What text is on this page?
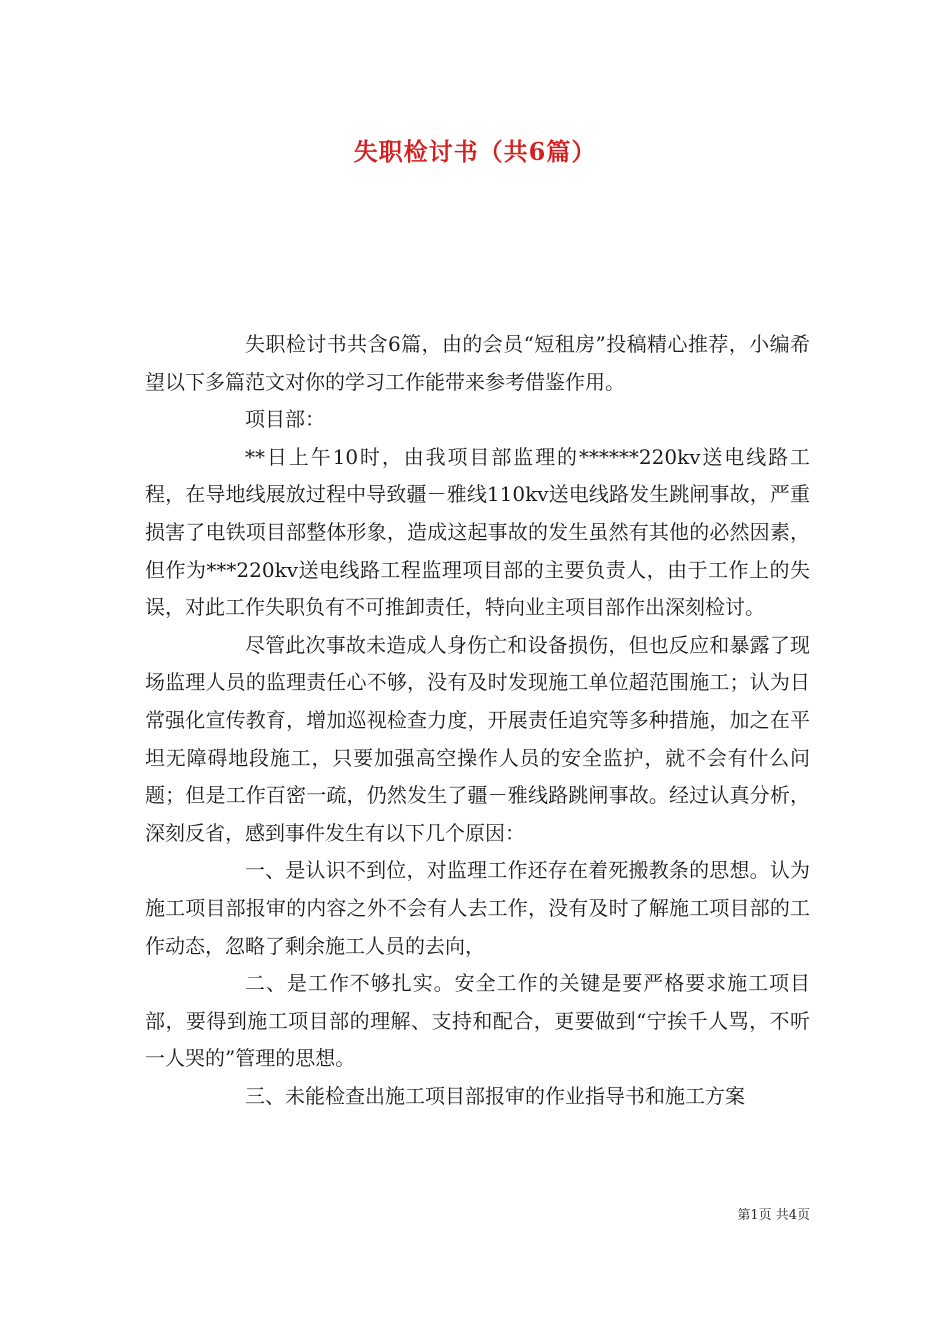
失职检讨书（共6篇）

失职检讨书共含6篇，由的会员“短租房”投稿精心推荐，小编希望以下多篇范文对你的学习工作能带来参考借鉴作用。

项目部：

**日上午10时，由我项目部监理的******220kv送电线路工程，在导地线展放过程中导致疆－雅线110kv送电线路发生跳闸事故，严重损害了电铁项目部整体形象，造成这起事故的发生虽然有其他的必然因素，但作为***220kv送电线路工程监理项目部的主要负责人，由于工作上的失误，对此工作失职负有不可推卸责任，特向业主项目部作出深刻检讨。

尽管此次事故未造成人身伤亡和设备损伤，但也反应和暴露了现场监理人员的监理责任心不够，没有及时发现施工单位超范围施工；认为日常强化宣传教育，增加巡视检查力度，开展责任追究等多种措施，加之在平坦无障碍地段施工，只要加强高空操作人员的安全监护，就不会有什么问题；但是工作百密一疏，仍然发生了疆－雅线路跳闸事故。经过认真分析，深刻反省，感到事件发生有以下几个原因：

一、是认识不到位，对监理工作还存在着死搬教条的思想。认为施工项目部报审的内容之外不会有人去工作，没有及时了解施工项目部的工作动态，忽略了剩余施工人员的去向，

二、是工作不够扎实。安全工作的关键是要严格要求施工项目部，要得到施工项目部的理解、支持和配合，更要做到“宁挨千人骂，不听一人哭的”管理的思想。

三、未能检查出施工项目部报审的作业指导书和施工方案

第1页 共4页
